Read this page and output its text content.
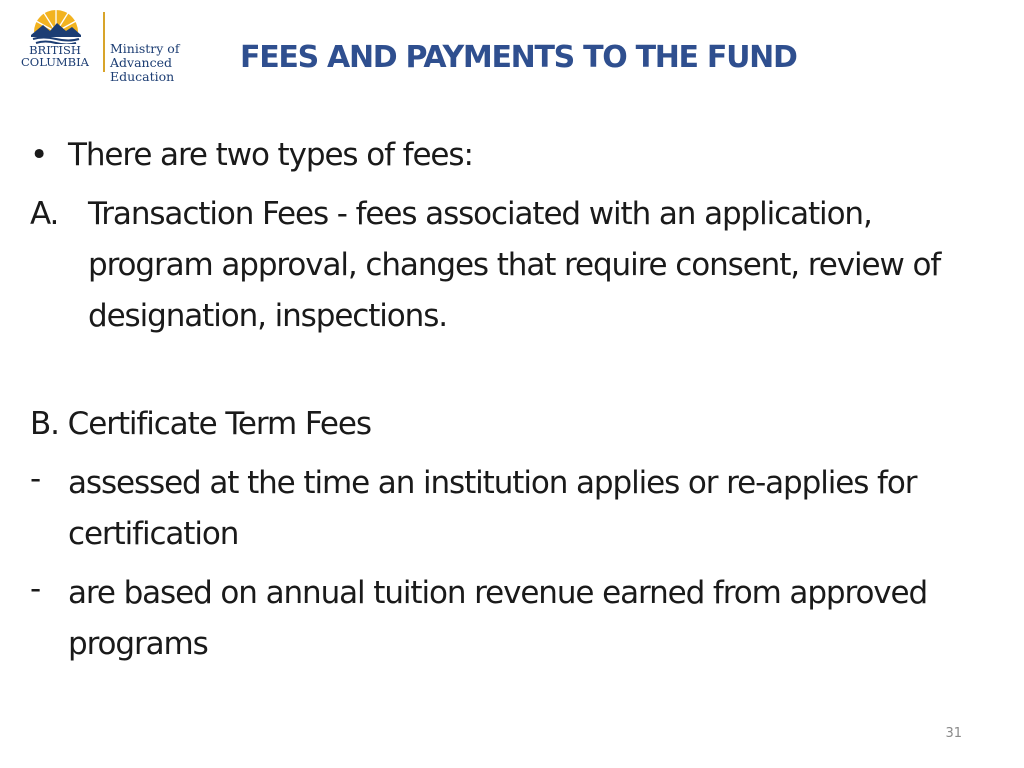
BRITISH
COLUMBIA
Ministry of
Advanced Education
FEES AND PAYMENTS TO THE FUND
• There are two types of fees:
A. Transaction Fees - fees associated with an application, program approval, changes that require consent, review of designation, inspections.
B. Certificate Term Fees
- assessed at the time an institution applies or re-applies for certification
- are based on annual tuition revenue earned from approved programs
31
